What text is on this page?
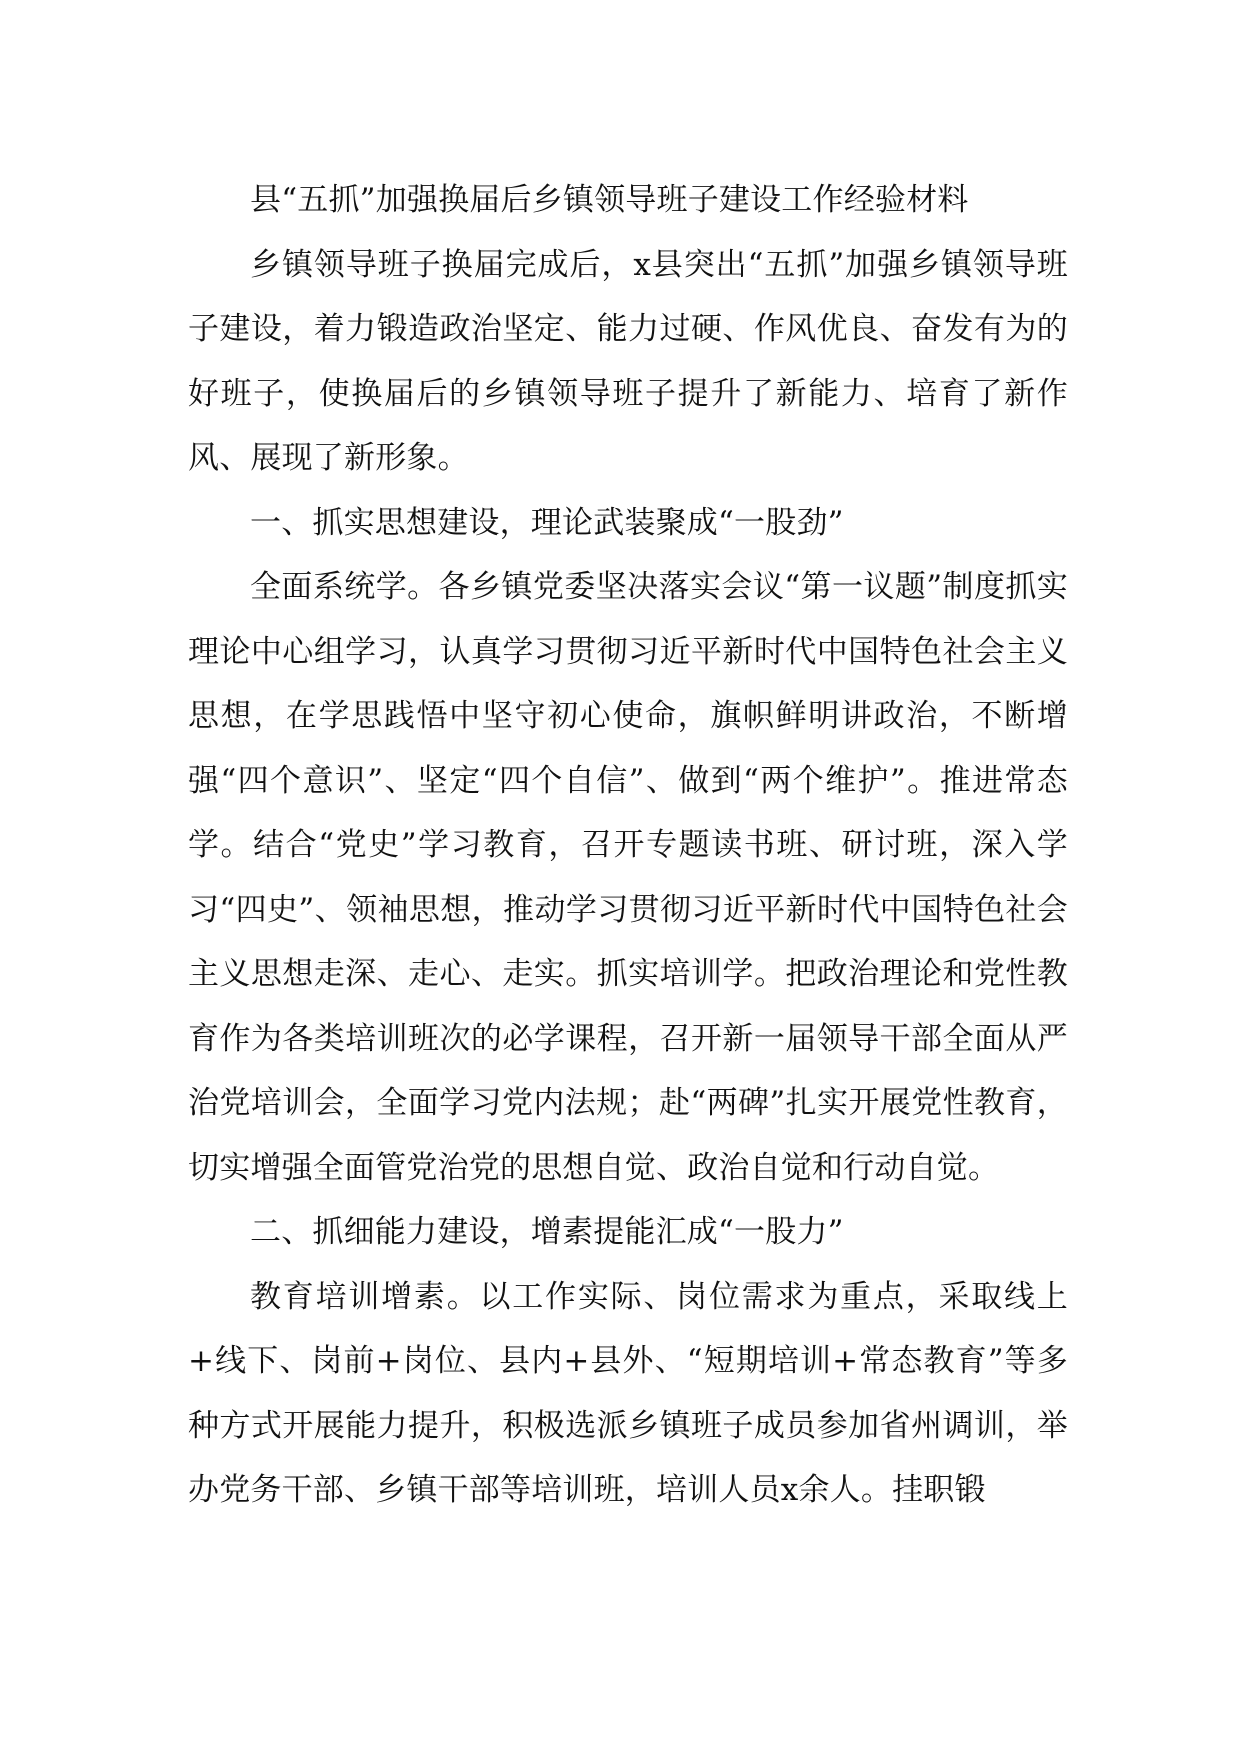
县“五抓”加强换届后乡镇领导班子建设工作经验材料

乡镇领导班子换届完成后，x县突出“五抓”加强乡镇领导班子建设，着力锻造政治坚定、能力过硬、作风优良、奋发有为的好班子，使换届后的乡镇领导班子提升了新能力、培育了新作风、展现了新形象。

一、抓实思想建设，理论武装聚成“一股劲”

全面系统学。各乡镇党委坚决落实会议“第一议题”制度抓实理论中心组学习，认真学习贯彻习近平新时代中国特色社会主义思想，在学思践悟中坚守初心使命，旗帜鲜明讲政治，不断增强“四个意识”、坚定“四个自信”、做到“两个维护”。推进常态学。结合“党史”学习教育，召开专题读书班、研讨班，深入学习“四史”、领袖思想，推动学习贯彻习近平新时代中国特色社会主义思想走深、走心、走实。抓实培训学。把政治理论和党性教育作为各类培训班次的必学课程，召开新一届领导干部全面从严治党培训会，全面学习党内法规；赴“两碑”扎实开展党性教育，切实增强全面管党治党的思想自觉、政治自觉和行动自觉。

二、抓细能力建设，增素提能汇成“一股力”

教育培训增素。以工作实际、岗位需求为重点，采取线上+线下、岗前+岗位、县内+县外、“短期培训+常态教育”等多种方式开展能力提升，积极选派乡镇班子成员参加省州调训，举办党务干部、乡镇干部等培训班，培训人员x余人。挂职锻
